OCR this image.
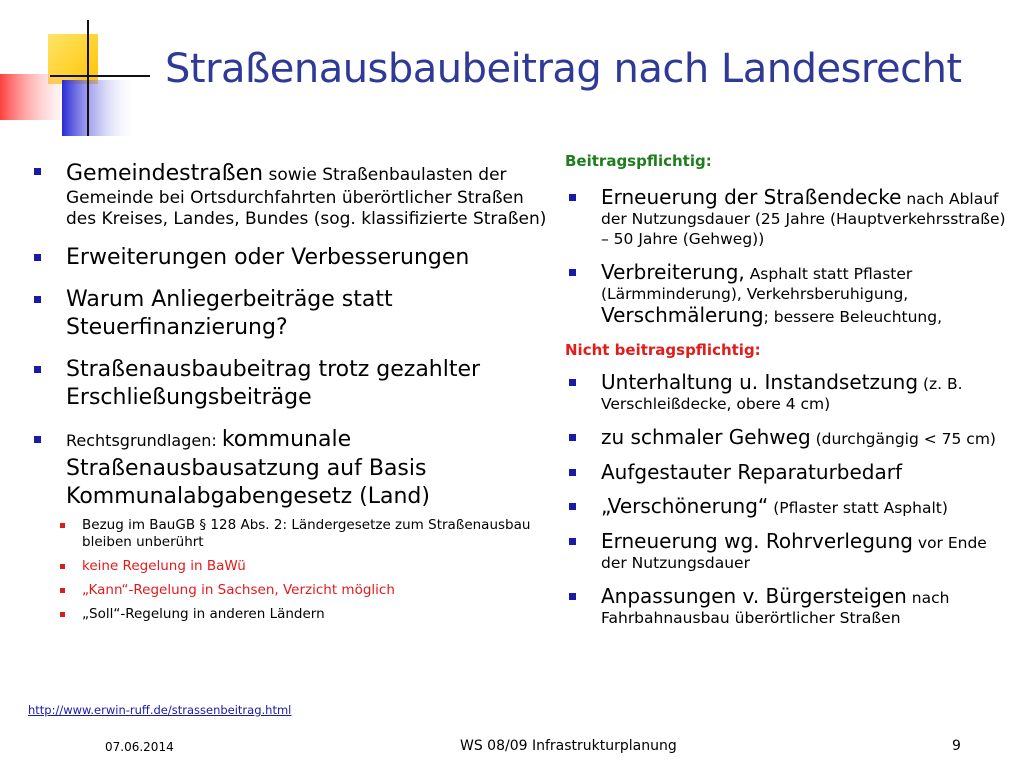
Straßenausbaubeitrag nach Landesrecht
Gemeindestraßen sowie Straßenbaulasten der Gemeinde bei Ortsdurchfahrten überörtlicher Straßen des Kreises, Landes, Bundes (sog. klassifizierte Straßen)
Erweiterungen oder Verbesserungen
Warum Anliegerbeiträge statt Steuerfinanzierung?
Straßenausbaubeitrag trotz gezahlter Erschließungsbeiträge
Rechtsgrundlagen: kommunale Straßenausbausatzung auf Basis Kommunalabgabengesetz (Land)
Bezug im BauGB § 128 Abs. 2: Ländergesetze zum Straßenausbau bleiben unberührt
keine Regelung in BaWü
„Kann“-Regelung in Sachsen, Verzicht möglich
„Soll“-Regelung in anderen Ländern
Beitragspflichtig:
Erneuerung der Straßendecke nach Ablauf der Nutzungsdauer (25 Jahre (Hauptverkehrsstraße) – 50 Jahre (Gehweg))
Verbreiterung, Asphalt statt Pflaster (Lärmminderung), Verkehrsberuhigung, Verschmälerung; bessere Beleuchtung,
Nicht beitragspflichtig:
Unterhaltung u. Instandsetzung (z. B. Verschleißdecke, obere 4 cm)
zu schmaler Gehweg (durchgängig < 75 cm)
Aufgestauter Reparaturbedarf
„Verschönerung“ (Pflaster statt Asphalt)
Erneuerung wg. Rohrverlegung vor Ende der Nutzungsdauer
Anpassungen v. Bürgersteigen nach Fahrbahnausbau überörtlicher Straßen
http://www.erwin-ruff.de/strassenbeitrag.html
07.06.2014	WS 08/09 Infrastrukturplanung	9
